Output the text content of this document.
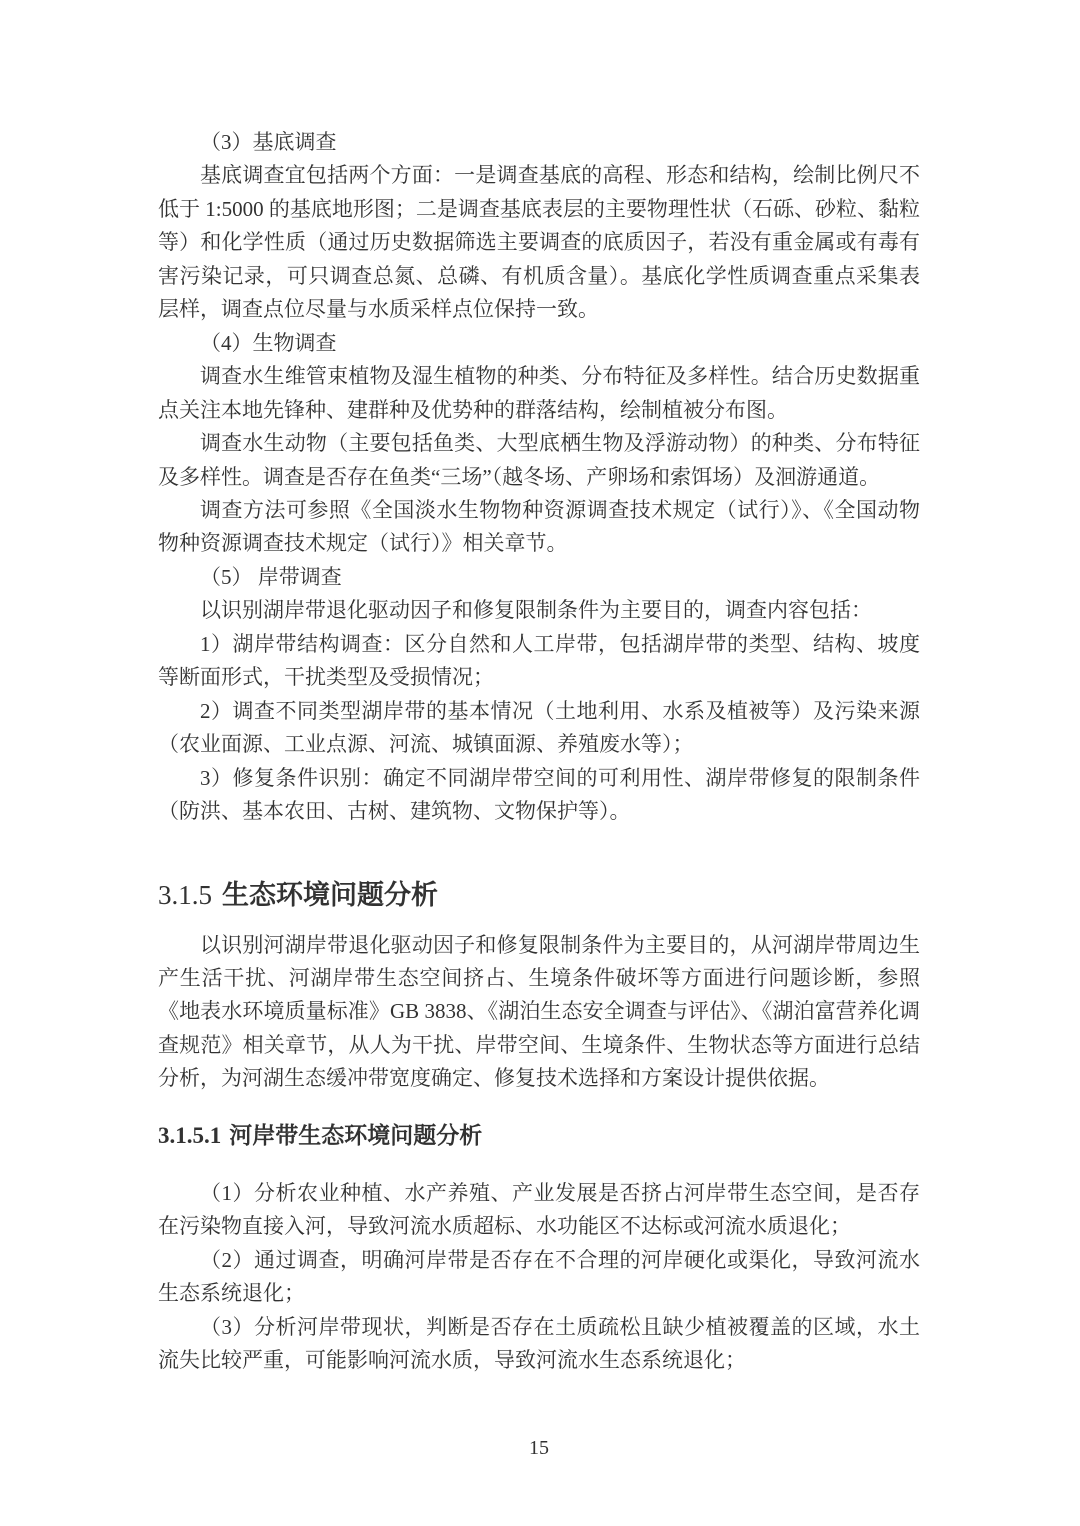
（3）基底调查

基底调查宜包括两个方面：一是调查基底的高程、形态和结构，绘制比例尺不低于 1:5000 的基底地形图；二是调查基底表层的主要物理性状（石砾、砂粒、黏粒等）和化学性质（通过历史数据筛选主要调查的底质因子，若没有重金属或有毒有害污染记录，可只调查总氮、总磷、有机质含量）。基底化学性质调查重点采集表层样，调查点位尽量与水质采样点位保持一致。

（4）生物调查

调查水生维管束植物及湿生植物的种类、分布特征及多样性。结合历史数据重点关注本地先锋种、建群种及优势种的群落结构，绘制植被分布图。

调查水生动物（主要包括鱼类、大型底栖生物及浮游动物）的种类、分布特征及多样性。调查是否存在鱼类“三场”（越冬场、产卵场和索饵场）及洄游通道。

调查方法可参照《全国淡水生物物种资源调查技术规定（试行）》、《全国动物物种资源调查技术规定（试行）》相关章节。

（5） 岸带调查

以识别湖岸带退化驱动因子和修复限制条件为主要目的，调查内容包括：

1）湖岸带结构调查：区分自然和人工岸带，包括湖岸带的类型、结构、坡度等断面形式，干扰类型及受损情况；

2）调查不同类型湖岸带的基本情况（土地利用、水系及植被等）及污染来源（农业面源、工业点源、河流、城镇面源、养殖废水等）；

3）修复条件识别：确定不同湖岸带空间的可利用性、湖岸带修复的限制条件（防洪、基本农田、古树、建筑物、文物保护等）。

3.1.5 生态环境问题分析

以识别河湖岸带退化驱动因子和修复限制条件为主要目的，从河湖岸带周边生产生活干扰、河湖岸带生态空间挤占、生境条件破坏等方面进行问题诊断，参照《地表水环境质量标准》GB 3838、《湖泊生态安全调查与评估》、《湖泊富营养化调查规范》相关章节，从人为干扰、岸带空间、生境条件、生物状态等方面进行总结分析，为河湖生态缓冲带宽度确定、修复技术选择和方案设计提供依据。

3.1.5.1 河岸带生态环境问题分析

（1）分析农业种植、水产养殖、产业发展是否挤占河岸带生态空间，是否存在污染物直接入河，导致河流水质超标、水功能区不达标或河流水质退化；

（2）通过调查，明确河岸带是否存在不合理的河岸硬化或渠化，导致河流水生态系统退化；

（3）分析河岸带现状，判断是否存在土质疏松且缺少植被覆盖的区域，水土流失比较严重，可能影响河流水质，导致河流水生态系统退化；

15
